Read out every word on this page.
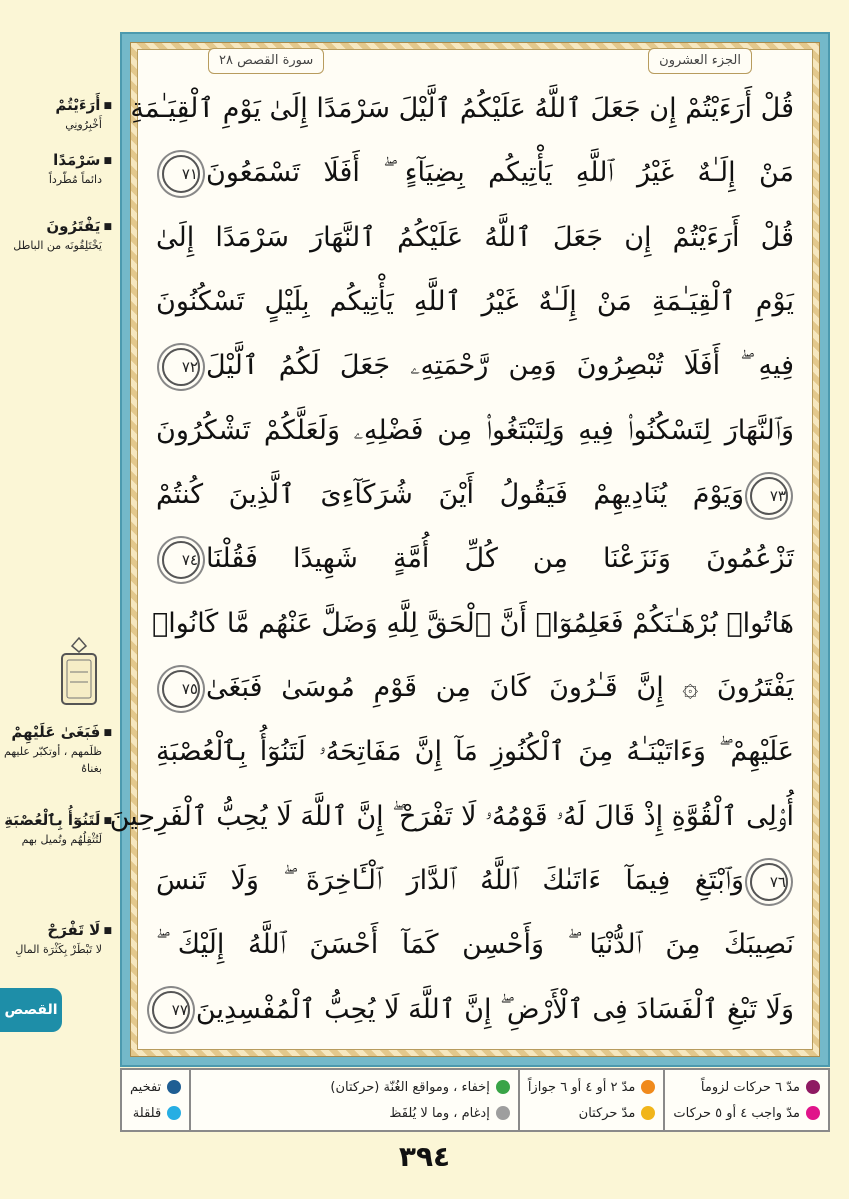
■ أَرَءَيْتُمْ
أَخْبِرُونِي
■ سَرْمَدًا
دائماً مُطّرداً
■ يَفْتَرُونَ
يَخْتَلِقُونَه من الباطل
■ فَبَغَىٰ عَلَيْهِمْ
ظلَمهم ، أوتكبّر عليهم بغناهُ
■ لَتَنُوٓأُ بِٱلْعُصْبَةِ
لَتُثْقِلُهُم وتُميل بهم
■ لَا تَفْرَحْ
لا تَبْطَرْ بِكَثْرَة المالِ
القصص
الجزء العشرون
سورة القصص ٢٨
قُلْ أَرَءَيْتُمْ إِن جَعَلَ ٱللَّهُ عَلَيْكُمُ ٱلَّيْلَ سَرْمَدًا إِلَىٰ يَوْمِ ٱلْقِيَـٰمَةِ
مَنْ إِلَـٰهٌ غَيْرُ ٱللَّهِ يَأْتِيكُم بِضِيَآءٍ ۖ أَفَلَا تَسْمَعُونَ٧١
قُلْ أَرَءَيْتُمْ إِن جَعَلَ ٱللَّهُ عَلَيْكُمُ ٱلنَّهَارَ سَرْمَدًا إِلَىٰ
يَوْمِ ٱلْقِيَـٰمَةِ مَنْ إِلَـٰهٌ غَيْرُ ٱللَّهِ يَأْتِيكُم بِلَيْلٍ تَسْكُنُونَ
فِيهِ ۖ أَفَلَا تُبْصِرُونَ وَمِن رَّحْمَتِهِۦ جَعَلَ لَكُمُ ٱلَّيْلَ٧٢
وَٱلنَّهَارَ لِتَسْكُنُوا۟ فِيهِ وَلِتَبْتَغُوا۟ مِن فَضْلِهِۦ وَلَعَلَّكُمْ تَشْكُرُونَ
٧٣وَيَوْمَ يُنَادِيهِمْ فَيَقُولُ أَيْنَ شُرَكَآءِىَ ٱلَّذِينَ كُنتُمْ
تَزْعُمُونَ وَنَزَعْنَا مِن كُلِّ أُمَّةٍ شَهِيدًا فَقُلْنَا٧٤
هَاتُوا۟ بُرْهَـٰنَكُمْ فَعَلِمُوٓا۟ أَنَّ ٱلْحَقَّ لِلَّهِ وَضَلَّ عَنْهُم مَّا كَانُوا۟
يَفْتَرُونَ ۞ إِنَّ قَـٰرُونَ كَانَ مِن قَوْمِ مُوسَىٰ فَبَغَىٰ٧٥
عَلَيْهِمْ ۖ وَءَاتَيْنَـٰهُ مِنَ ٱلْكُنُوزِ مَآ إِنَّ مَفَاتِحَهُۥ لَتَنُوٓأُ بِٱلْعُصْبَةِ
أُو۟لِى ٱلْقُوَّةِ إِذْ قَالَ لَهُۥ قَوْمُهُۥ لَا تَفْرَحْ ۖ إِنَّ ٱللَّهَ لَا يُحِبُّ ٱلْفَرِحِينَ
٧٦وَٱبْتَغِ فِيمَآ ءَاتَىٰكَ ٱللَّهُ ٱلدَّارَ ٱلْـَٔاخِرَةَ ۖ وَلَا تَنسَ
نَصِيبَكَ مِنَ ٱلدُّنْيَا ۖ وَأَحْسِن كَمَآ أَحْسَنَ ٱللَّهُ إِلَيْكَ ۖ
وَلَا تَبْغِ ٱلْفَسَادَ فِى ٱلْأَرْضِ ۖ إِنَّ ٱللَّهَ لَا يُحِبُّ ٱلْمُفْسِدِينَ٧٧
مدّ ٦ حركات لزوماً
مدّ واجب ٤ أو ٥ حركات
مدّ ٢ أو ٤ أو ٦ جوازاً
مدّ حركتان
إخفاء ، ومواقع الغُنّة (حركتان)
إدغام ، وما لا يُلفَظ
تفخيم
قلقلة
٣٩٤
